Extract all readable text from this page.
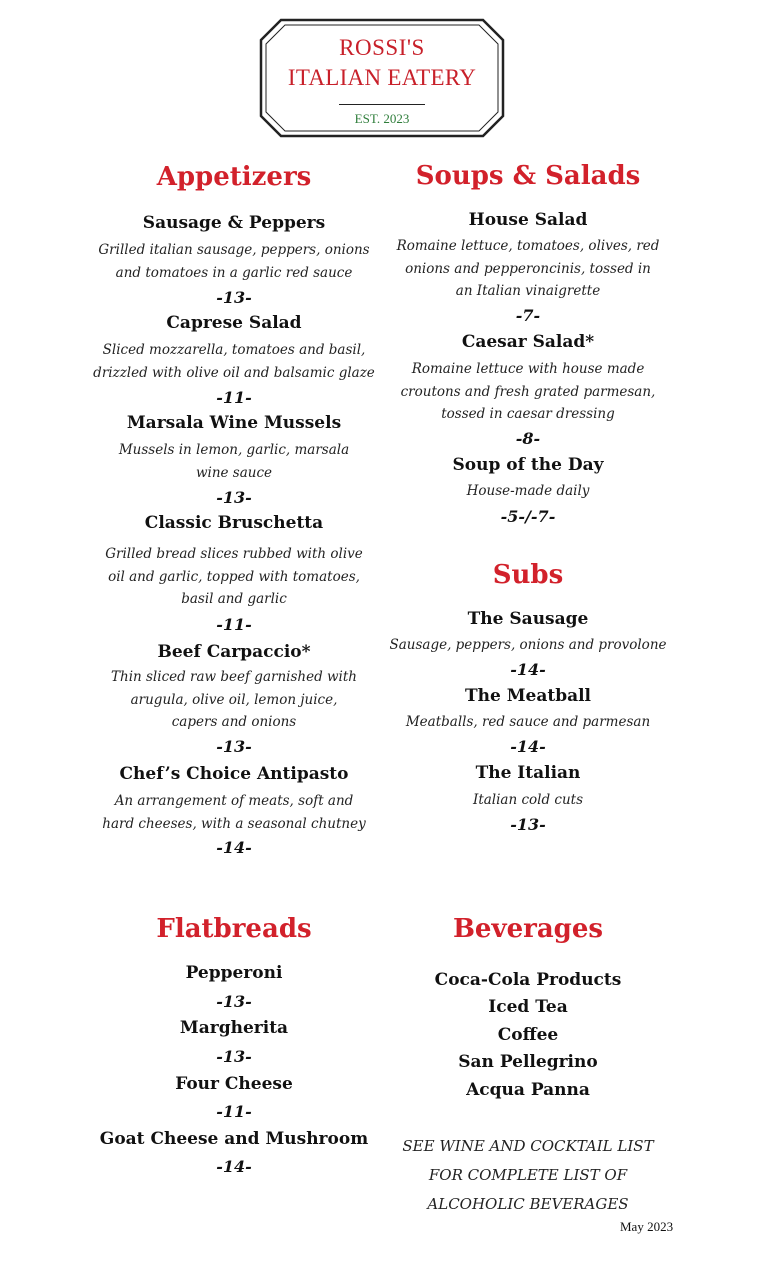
ROSSI'S
ITALIAN EATERY
EST. 2023
Appetizers
Sausage & Peppers
Grilled italian sausage, peppers, onions and tomatoes in a garlic red sauce
-13-
Caprese Salad
Sliced mozzarella, tomatoes and basil, drizzled with olive oil and balsamic glaze
-11-
Marsala Wine Mussels
Mussels in lemon, garlic, marsala wine sauce
-13-
Classic Bruschetta
Grilled bread slices rubbed with olive oil and garlic, topped with tomatoes, basil and garlic
-11-
Beef Carpaccio*
Thin sliced raw beef garnished with arugula, olive oil, lemon juice, capers and onions
-13-
Chef’s Choice Antipasto
An arrangement of meats, soft and hard cheeses, with a seasonal chutney
-14-
Soups & Salads
House Salad
Romaine lettuce, tomatoes, olives, red onions and pepperoncinis, tossed in an Italian vinaigrette
-7-
Caesar Salad*
Romaine lettuce with house made croutons and fresh grated parmesan, tossed in caesar dressing
-8-
Soup of the Day
House-made daily
-5-/-7-
Subs
The Sausage
Sausage, peppers, onions and provolone
-14-
The Meatball
Meatballs, red sauce and parmesan
-14-
The Italian
Italian cold cuts
-13-
Flatbreads
Pepperoni
-13-
Margherita
-13-
Four Cheese
-11-
Goat Cheese and Mushroom
-14-
Beverages
Coca-Cola Products
Iced Tea
Coffee
San Pellegrino
Acqua Panna
SEE WINE AND COCKTAIL LIST FOR COMPLETE LIST OF ALCOHOLIC BEVERAGES
May 2023
